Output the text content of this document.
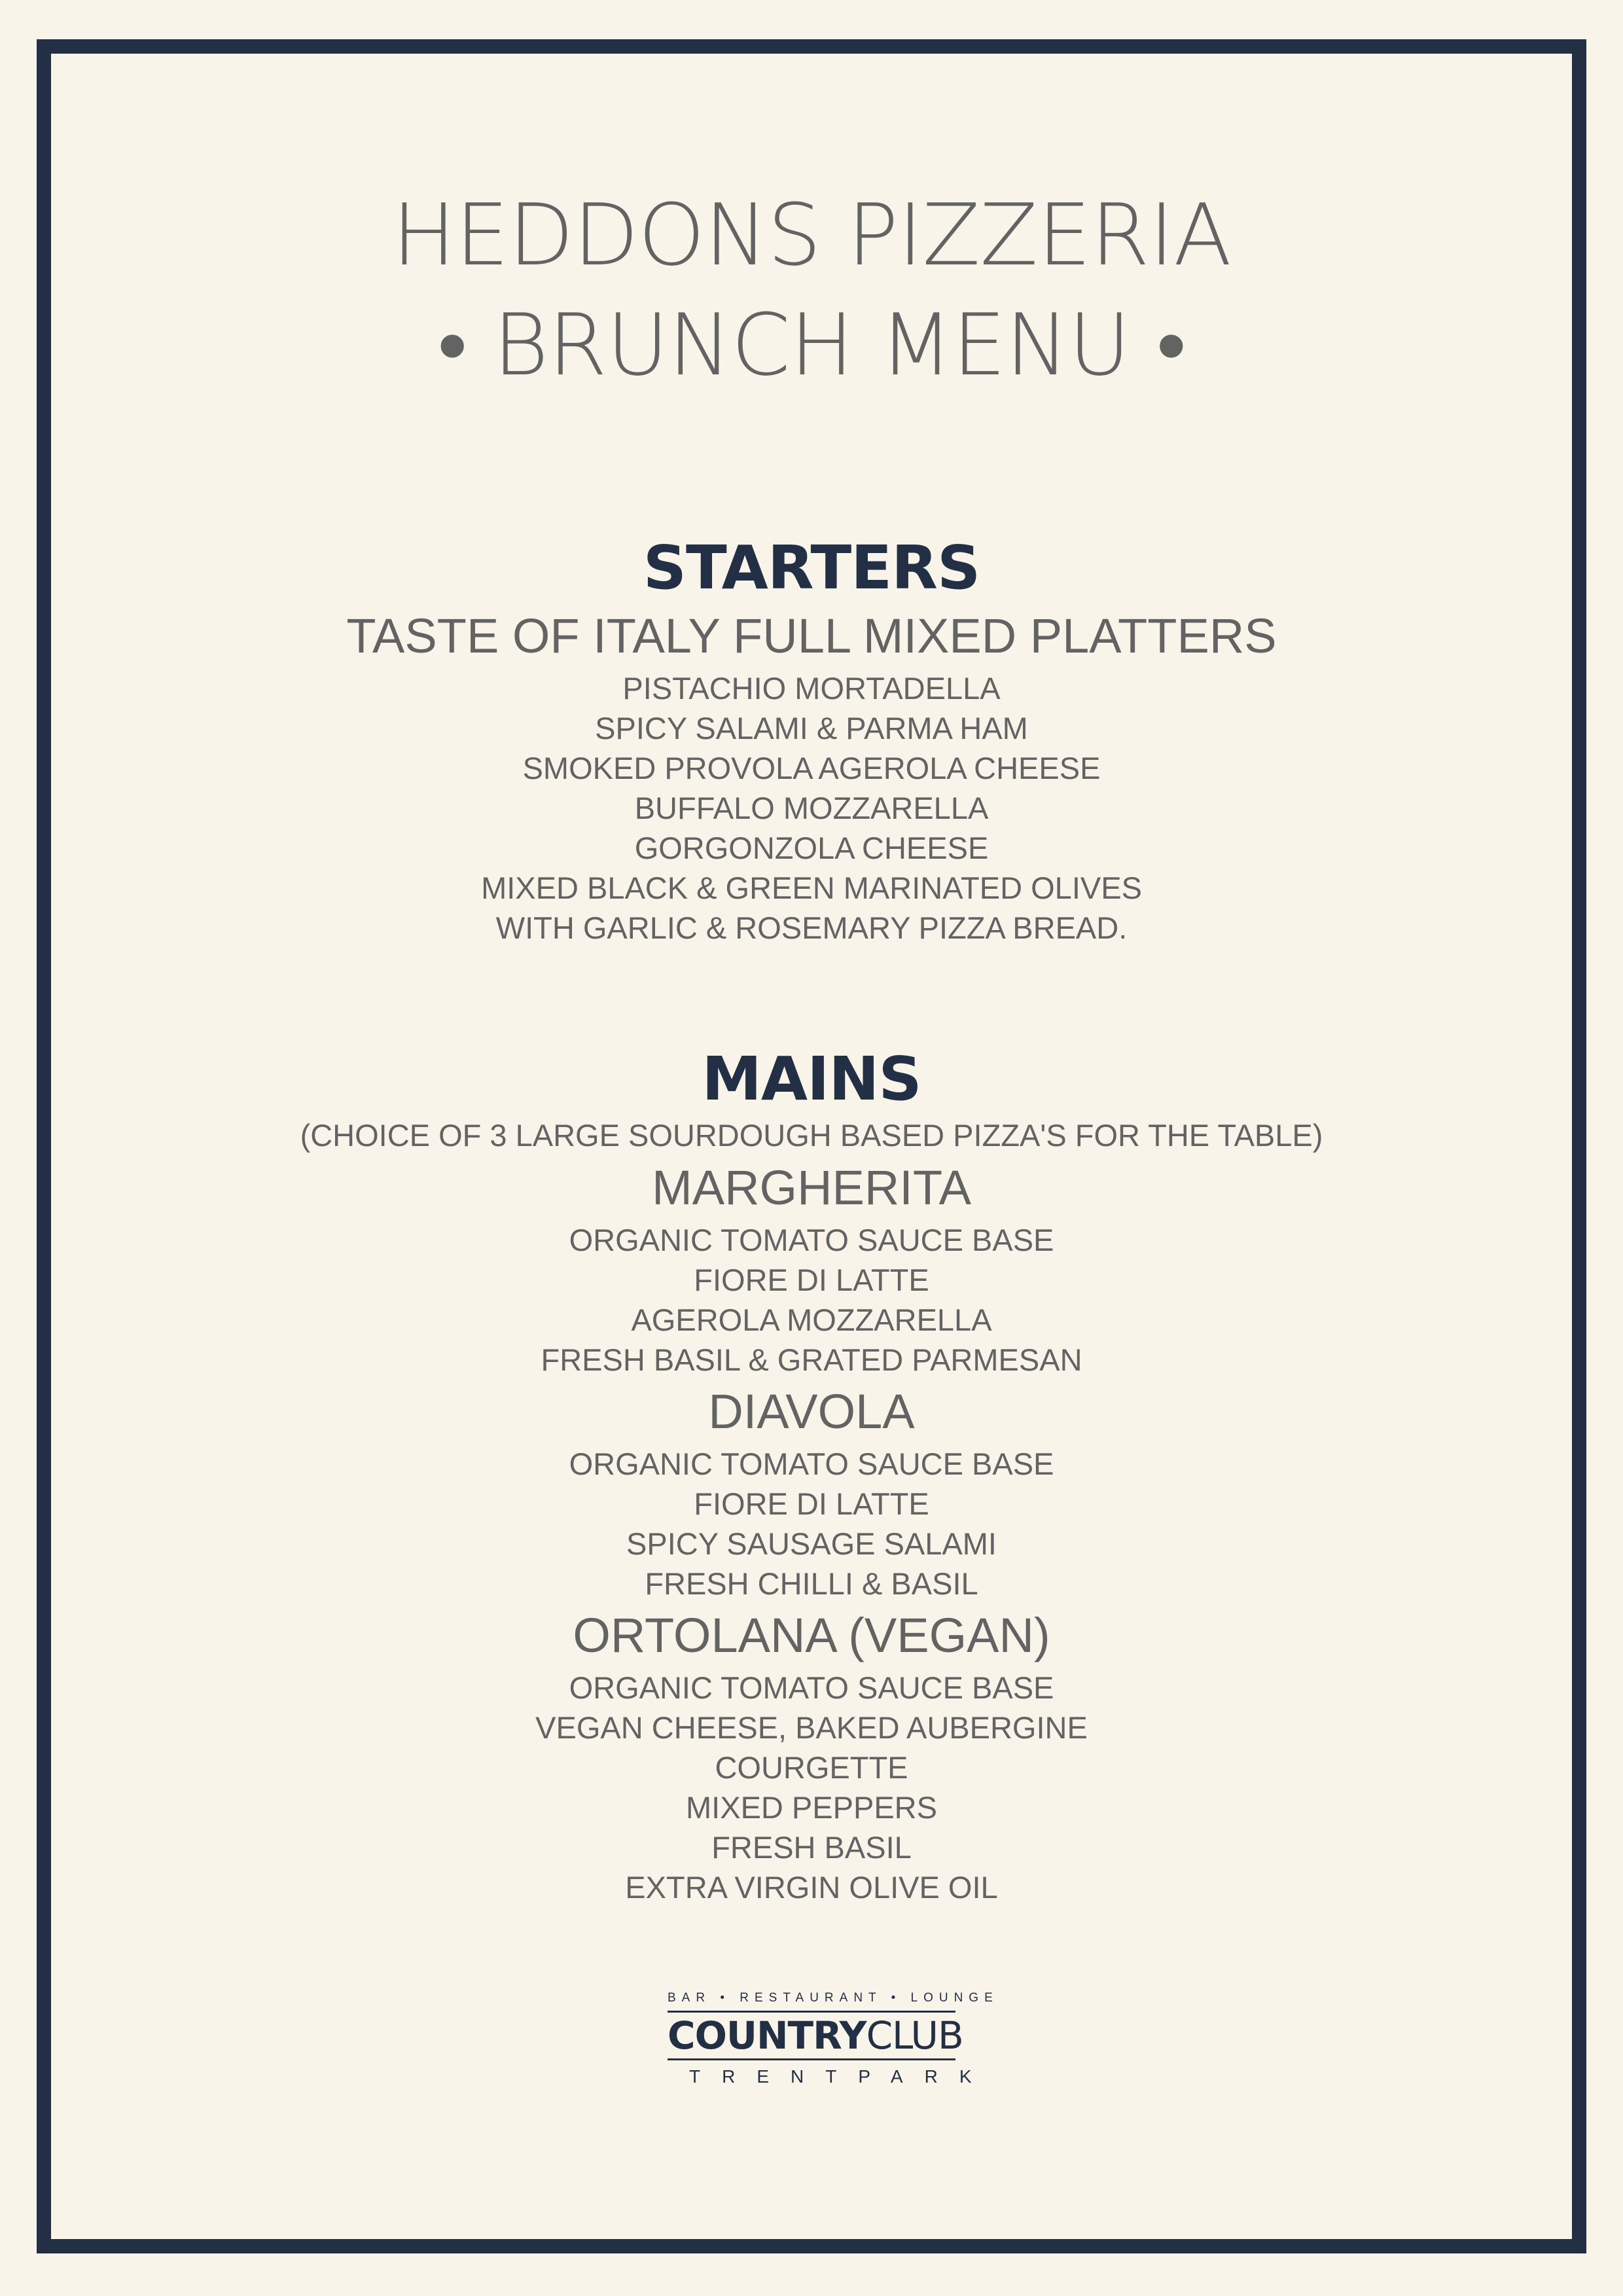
HEDDONS PIZZERIA
• BRUNCH MENU •
STARTERS
TASTE OF ITALY FULL MIXED PLATTERS
PISTACHIO MORTADELLA
SPICY SALAMI & PARMA HAM
SMOKED PROVOLA AGEROLA CHEESE
BUFFALO MOZZARELLA
GORGONZOLA CHEESE
MIXED BLACK & GREEN MARINATED OLIVES
WITH GARLIC & ROSEMARY PIZZA BREAD.
MAINS
(CHOICE OF 3 LARGE SOURDOUGH BASED PIZZA'S FOR THE TABLE)
MARGHERITA
ORGANIC TOMATO SAUCE BASE
FIORE DI LATTE
AGEROLA MOZZARELLA
FRESH BASIL & GRATED PARMESAN
DIAVOLA
ORGANIC TOMATO SAUCE BASE
FIORE DI LATTE
SPICY SAUSAGE SALAMI
FRESH CHILLI & BASIL
ORTOLANA (VEGAN)
ORGANIC TOMATO SAUCE BASE
VEGAN CHEESE, BAKED AUBERGINE
COURGETTE
MIXED PEPPERS
FRESH BASIL
EXTRA VIRGIN OLIVE OIL
BAR • RESTAURANT • LOUNGE
COUNTRYCLUB
TRENTPARK
